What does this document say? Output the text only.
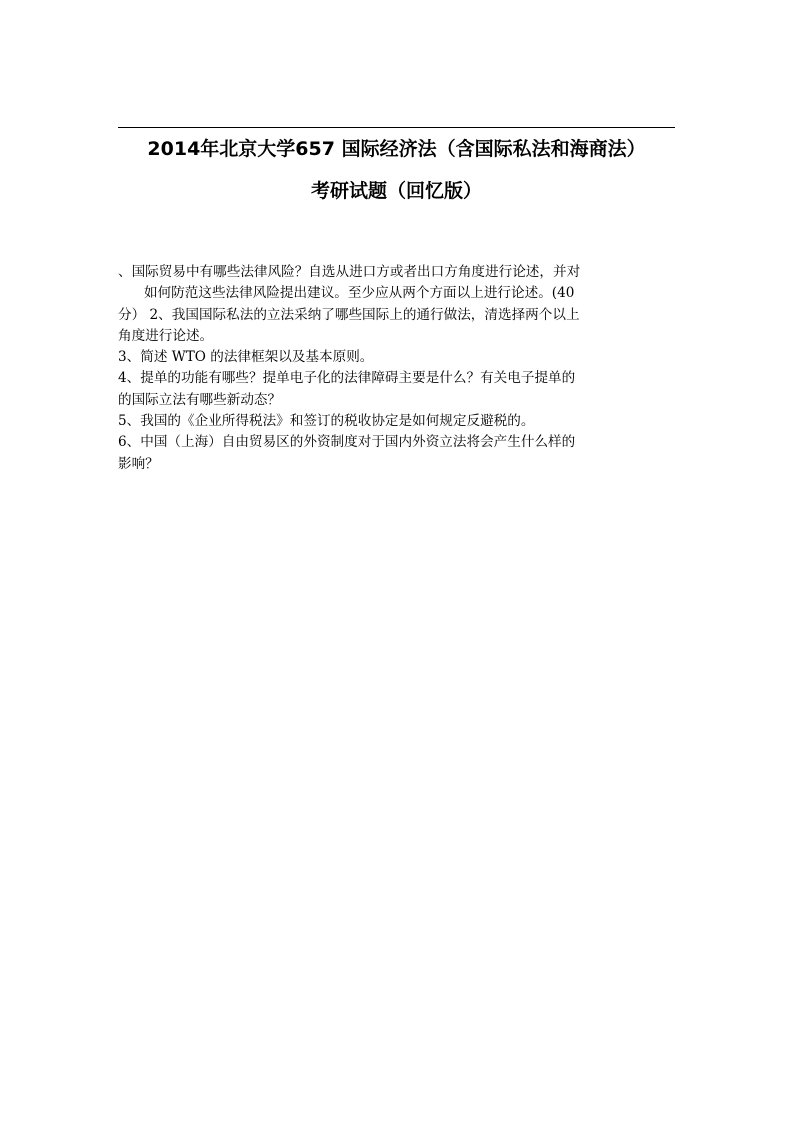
2014年北京大学657 国际经济法（含国际私法和海商法）
考研试题（回忆版）

、国际贸易中有哪些法律风险？自选从进口方或者出口方角度进行论述，并对

如何防范这些法律风险提出建议。至少应从两个方面以上进行论述。(40

分） 2、我国国际私法的立法采纳了哪些国际上的通行做法，清选择两个以上

角度进行论述。

3、简述 WTO 的法律框架以及基本原则。

4、提单的功能有哪些？提单电子化的法律障碍主要是什么？有关电子提单的

的国际立法有哪些新动态？

5、我国的《企业所得税法》和签订的税收协定是如何规定反避税的。

6、中国（上海）自由贸易区的外资制度对于国内外资立法将会产生什么样的

影响？
